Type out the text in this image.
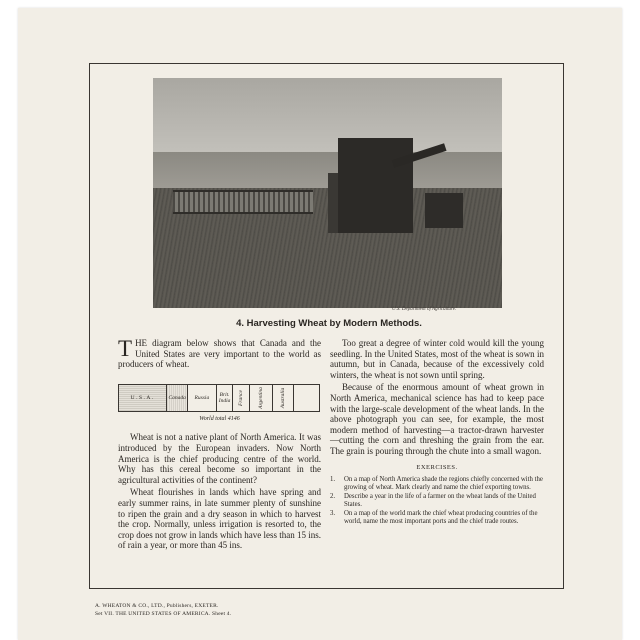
U.S. Department of Agriculture.
4. Harvesting Wheat by Modern Methods.

THE diagram below shows that Canada and the United States are very important to the world as producers of wheat.

U.S.A.	Canada	Russia	Brit. India	France	Argentina	Australia
World total 4146

Wheat is not a native plant of North America. It was introduced by the European invaders. Now North America is the chief producing centre of the world. Why has this cereal become so important in the agricultural activities of the continent?

Wheat flourishes in lands which have spring and early summer rains, in late summer plenty of sunshine to ripen the grain and a dry season in which to harvest the crop. Normally, unless irrigation is resorted to, the crop does not grow in lands which have less than 15 ins. of rain a year, or more than 45 ins.

Too great a degree of winter cold would kill the young seedling. In the United States, most of the wheat is sown in autumn, but in Canada, because of the excessively cold winters, the wheat is not sown until spring.

Because of the enormous amount of wheat grown in North America, mechanical science has had to keep pace with the large-scale development of the wheat lands. In the above photograph you can see, for example, the most modern method of harvesting—a tractor-drawn harvester—cutting the corn and threshing the grain from the ear. The grain is pouring through the chute into a small wagon.

EXERCISES.
1.	On a map of North America shade the regions chiefly concerned with the growing of wheat. Mark clearly and name the chief exporting towns.
2.	Describe a year in the life of a farmer on the wheat lands of the United States.
3.	On a map of the world mark the chief wheat producing countries of the world, name the most important ports and the chief trade routes.
A. WHEATON & CO., LTD., Publishers, EXETER.
Set VII. THE UNITED STATES OF AMERICA. Sheet 4.
